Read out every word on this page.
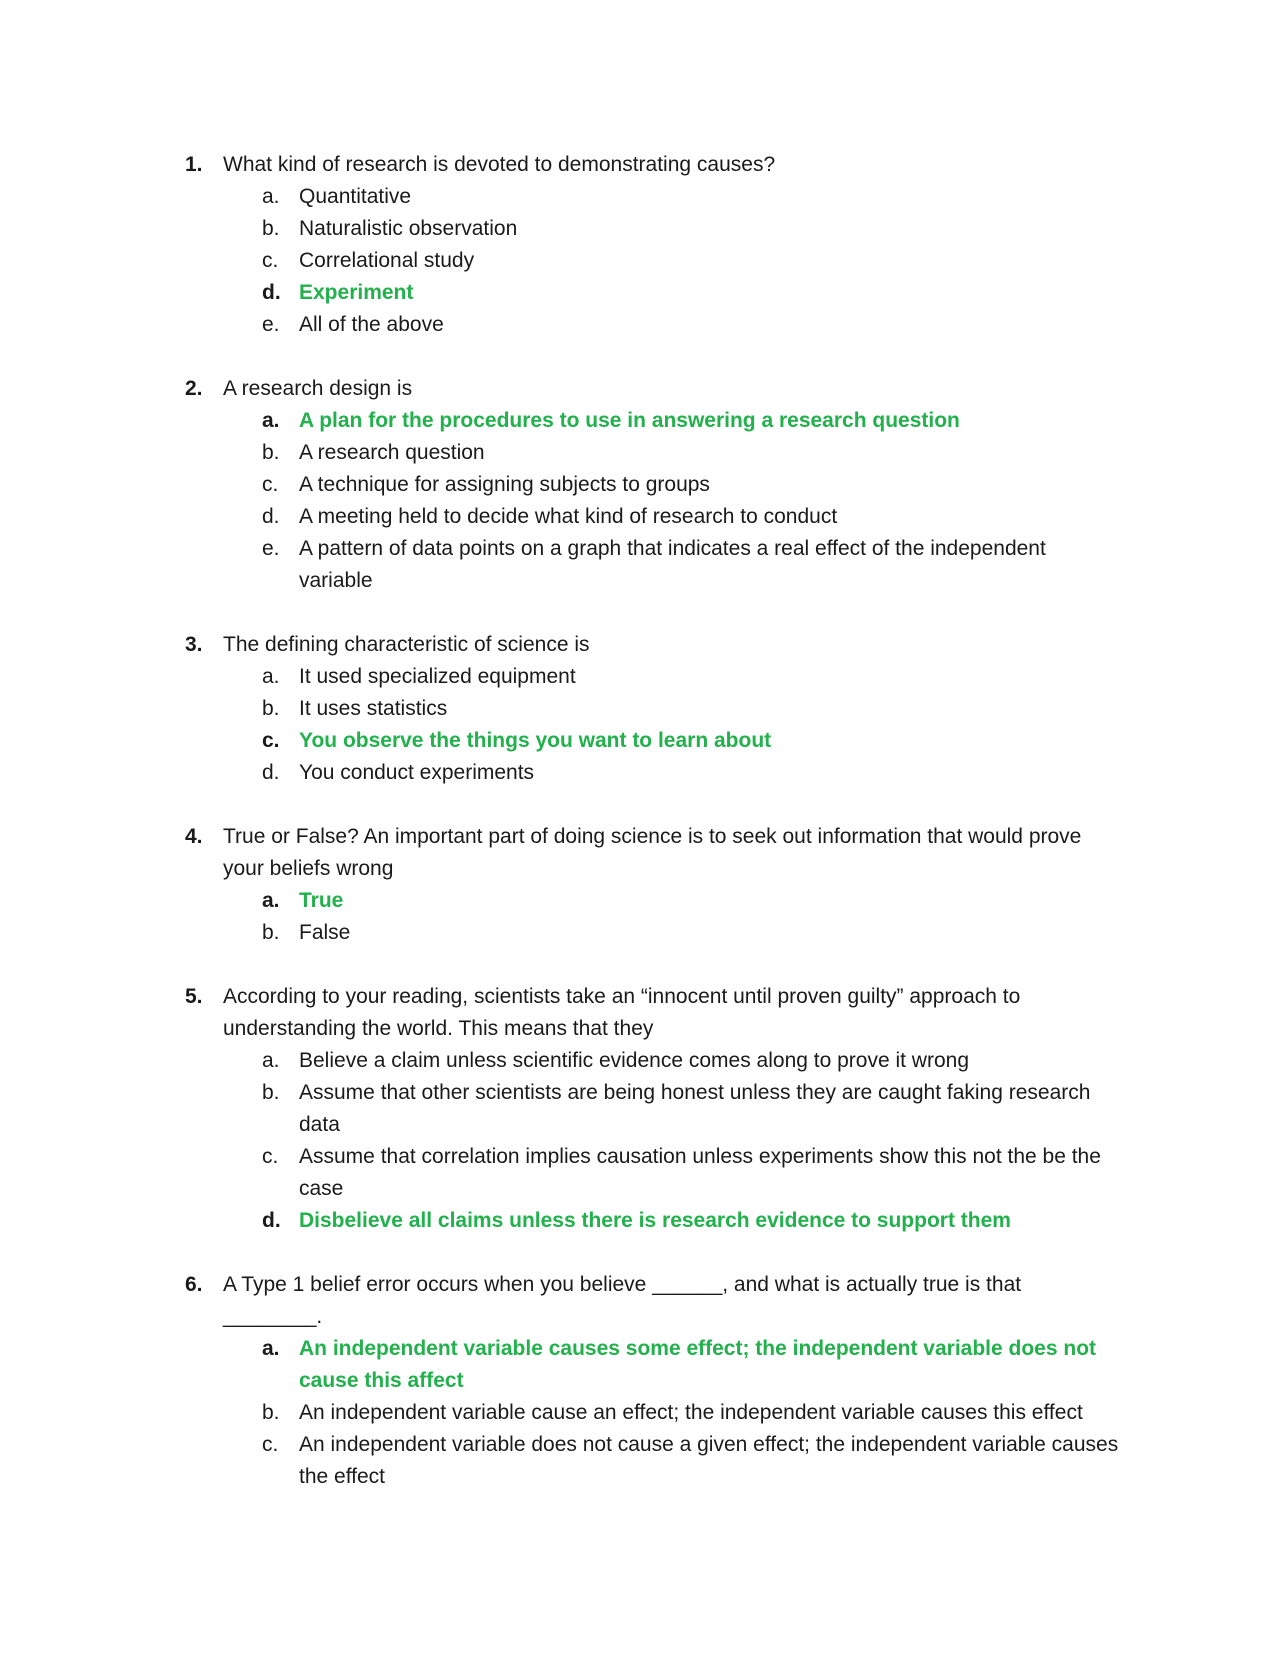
1. What kind of research is devoted to demonstrating causes?
a. Quantitative
b. Naturalistic observation
c. Correlational study
d. Experiment
e. All of the above
2. A research design is
a. A plan for the procedures to use in answering a research question
b. A research question
c. A technique for assigning subjects to groups
d. A meeting held to decide what kind of research to conduct
e. A pattern of data points on a graph that indicates a real effect of the independent variable
3. The defining characteristic of science is
a. It used specialized equipment
b. It uses statistics
c. You observe the things you want to learn about
d. You conduct experiments
4. True or False? An important part of doing science is to seek out information that would prove your beliefs wrong
a. True
b. False
5. According to your reading, scientists take an “innocent until proven guilty” approach to understanding the world. This means that they
a. Believe a claim unless scientific evidence comes along to prove it wrong
b. Assume that other scientists are being honest unless they are caught faking research data
c. Assume that correlation implies causation unless experiments show this not the be the case
d. Disbelieve all claims unless there is research evidence to support them
6. A Type 1 belief error occurs when you believe ______, and what is actually true is that ________.
a. An independent variable causes some effect; the independent variable does not cause this affect
b. An independent variable cause an effect; the independent variable causes this effect
c. An independent variable does not cause a given effect; the independent variable causes the effect
